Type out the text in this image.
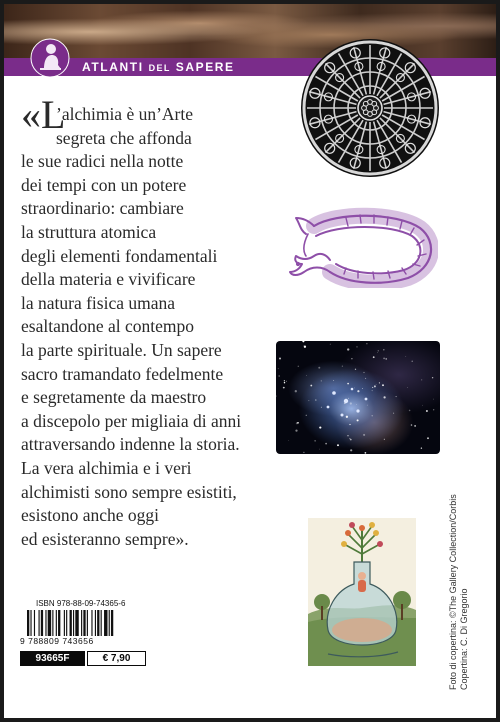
ATLANTI DEL SAPERE
«L
’alchimia è un’Arte
segreta che affonda
le sue radici nella notte
dei tempi con un potere
straordinario: cambiare
la struttura atomica
degli elementi fondamentali
della materia e vivificare
la natura fisica umana
esaltandone al contempo
la parte spirituale. Un sapere
sacro tramandato fedelmente
e segretamente da maestro
a discepolo per migliaia di anni
attraversando indenne la storia.
La vera alchimia e i veri
alchimisti sono sempre esistiti,
esistono anche oggi
ed esisteranno sempre».	Foto di copertina: ©The Gallery Collection/Corbis Copertina: C. Di Gregorio
ISBN 978-88-09-74365-6
9 788809 743656
93665F	€ 7,90
